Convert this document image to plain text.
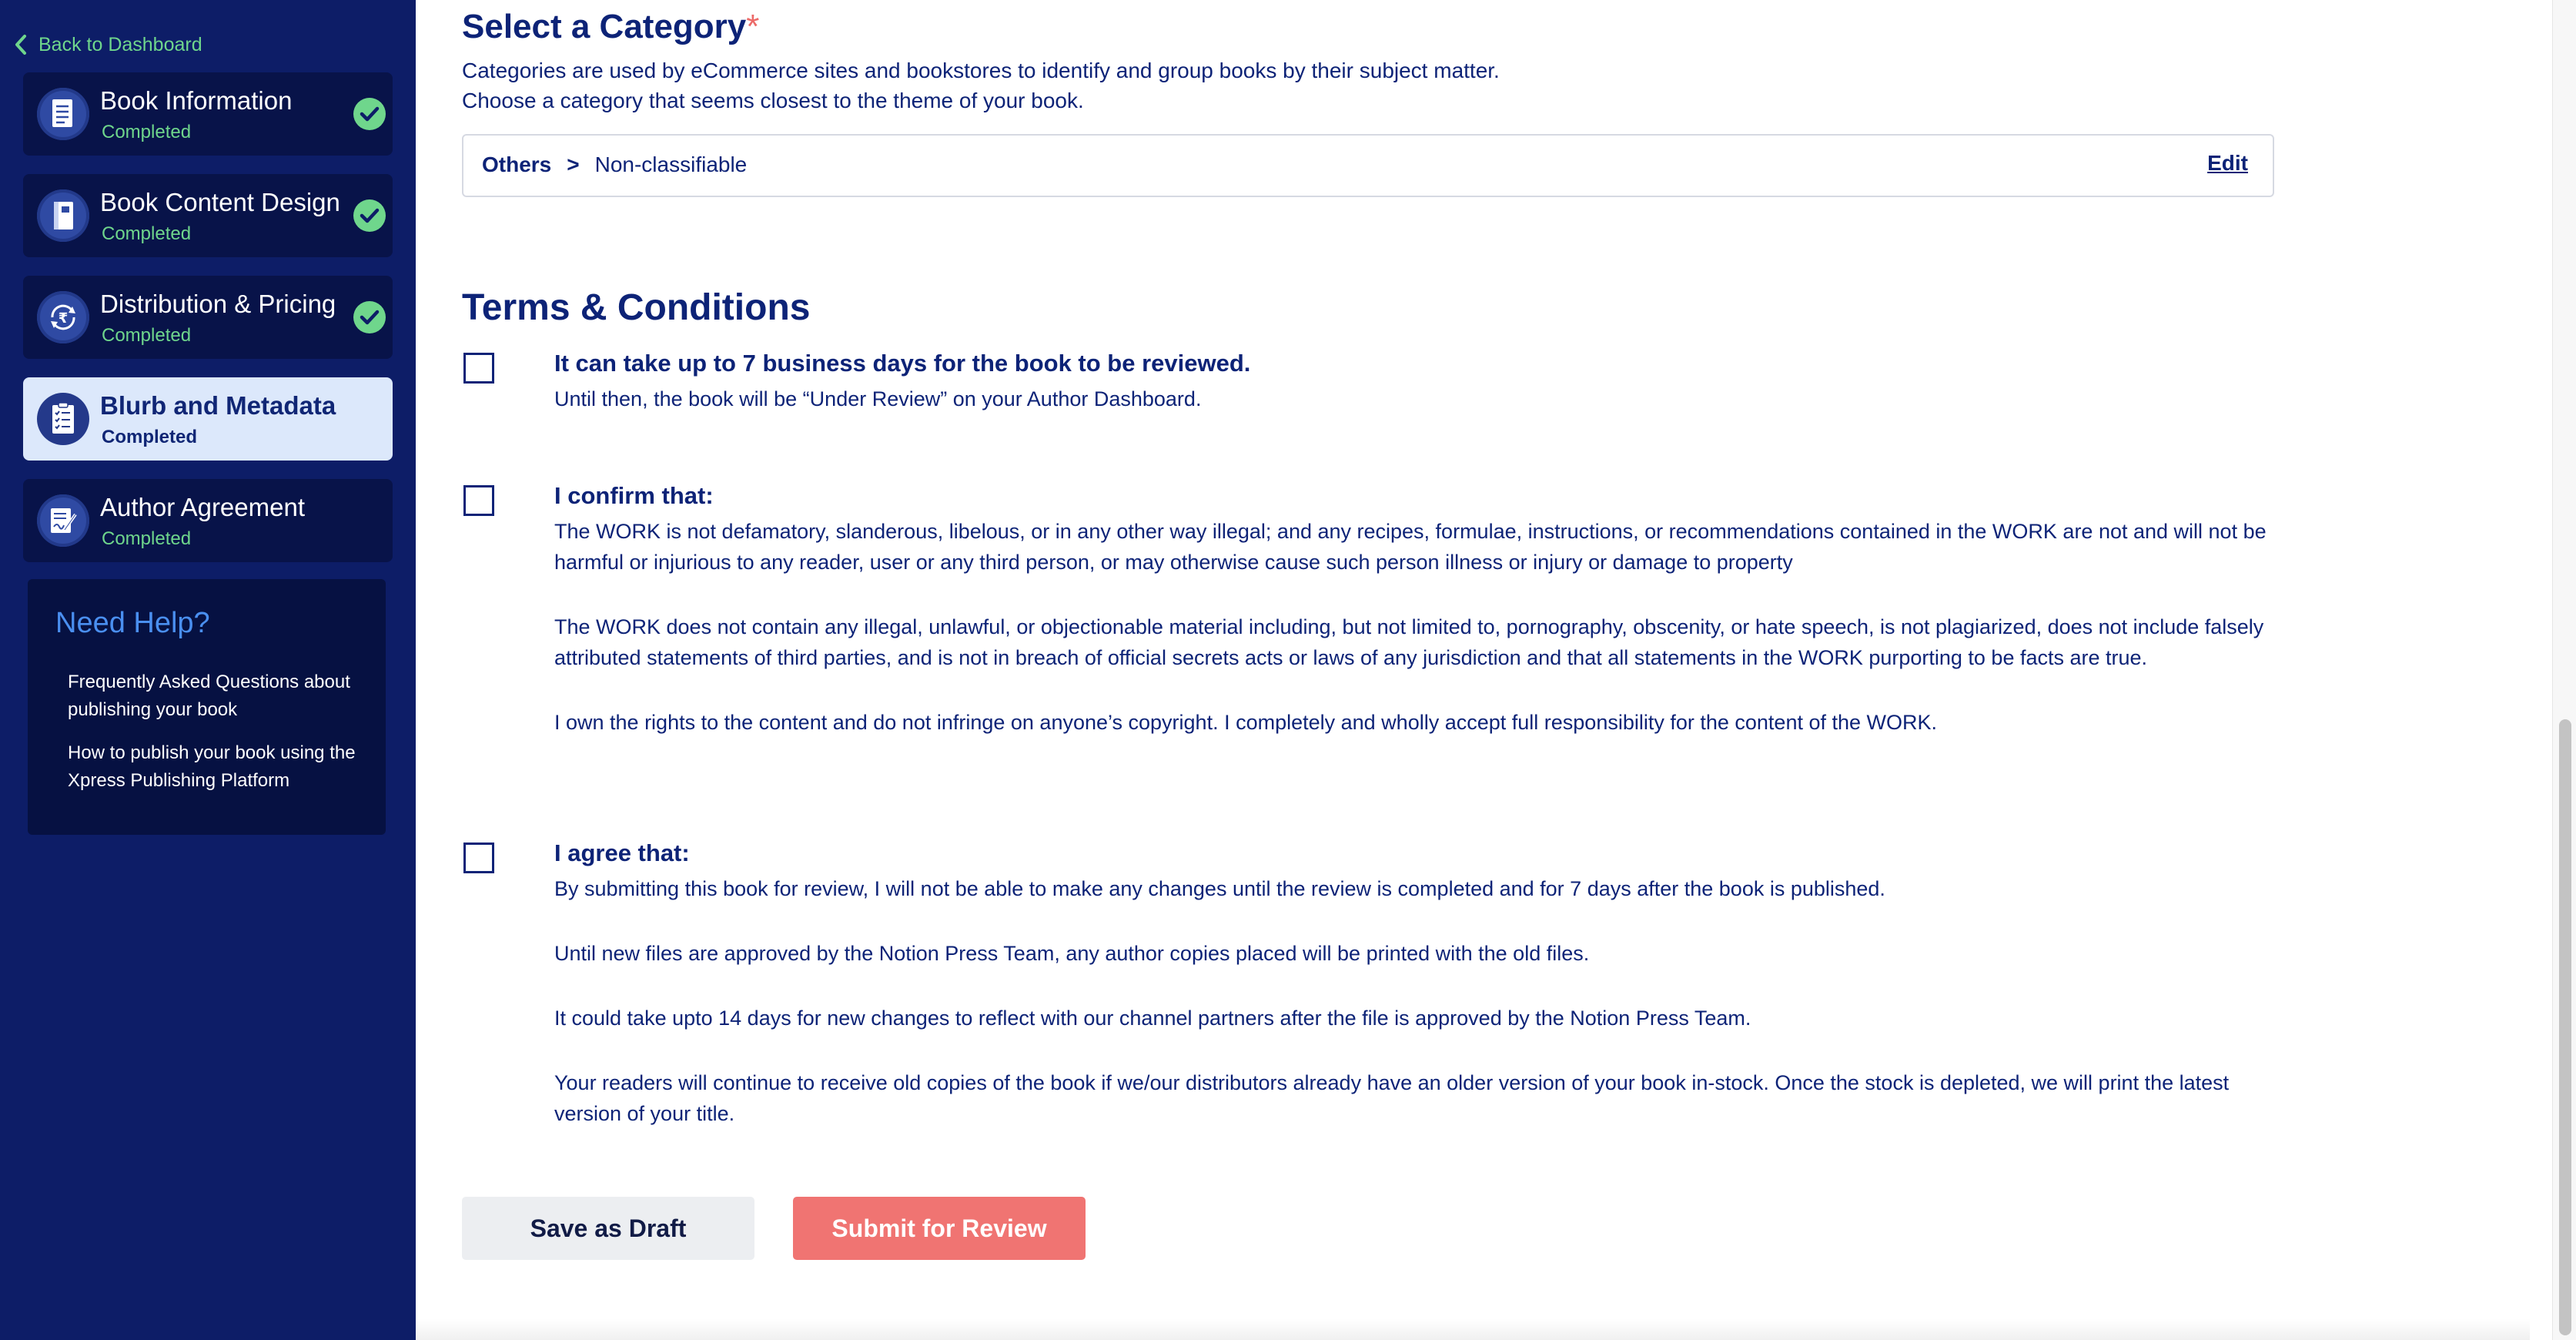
Back to Dashboard
Book Information
Completed
Book Content Design
Completed
₹
Distribution & Pricing
Completed
Blurb and Metadata
Completed
Author Agreement
Completed
Need Help?
Frequently Asked Questions about publishing your book
How to publish your book using the Xpress Publishing Platform
Select a Category*
Categories are used by eCommerce sites and bookstores to identify and group books by their subject matter.
Choose a category that seems closest to the theme of your book.
Others > Non-classifiable	Edit
Terms & Conditions

It can take up to 7 business days for the book to be reviewed.

Until then, the book will be “Under Review” on your Author Dashboard.

I confirm that:

The WORK is not defamatory, slanderous, libelous, or in any other way illegal; and any recipes, formulae, instructions, or recommendations contained in the WORK are not and will not be harmful or injurious to any reader, user or any third person, or may otherwise cause such person illness or injury or damage to property

The WORK does not contain any illegal, unlawful, or objectionable material including, but not limited to, pornography, obscenity, or hate speech, is not plagiarized, does not include falsely attributed statements of third parties, and is not in breach of official secrets acts or laws of any jurisdiction and that all statements in the WORK purporting to be facts are true.

I own the rights to the content and do not infringe on anyone’s copyright. I completely and wholly accept full responsibility for the content of the WORK.

I agree that:

By submitting this book for review, I will not be able to make any changes until the review is completed and for 7 days after the book is published.

Until new files are approved by the Notion Press Team, any author copies placed will be printed with the old files.

It could take upto 14 days for new changes to reflect with our channel partners after the file is approved by the Notion Press Team.

Your readers will continue to receive old copies of the book if we/our distributors already have an older version of your book in-stock. Once the stock is depleted, we will print the latest version of your title.

Save as Draft	Submit for Review
